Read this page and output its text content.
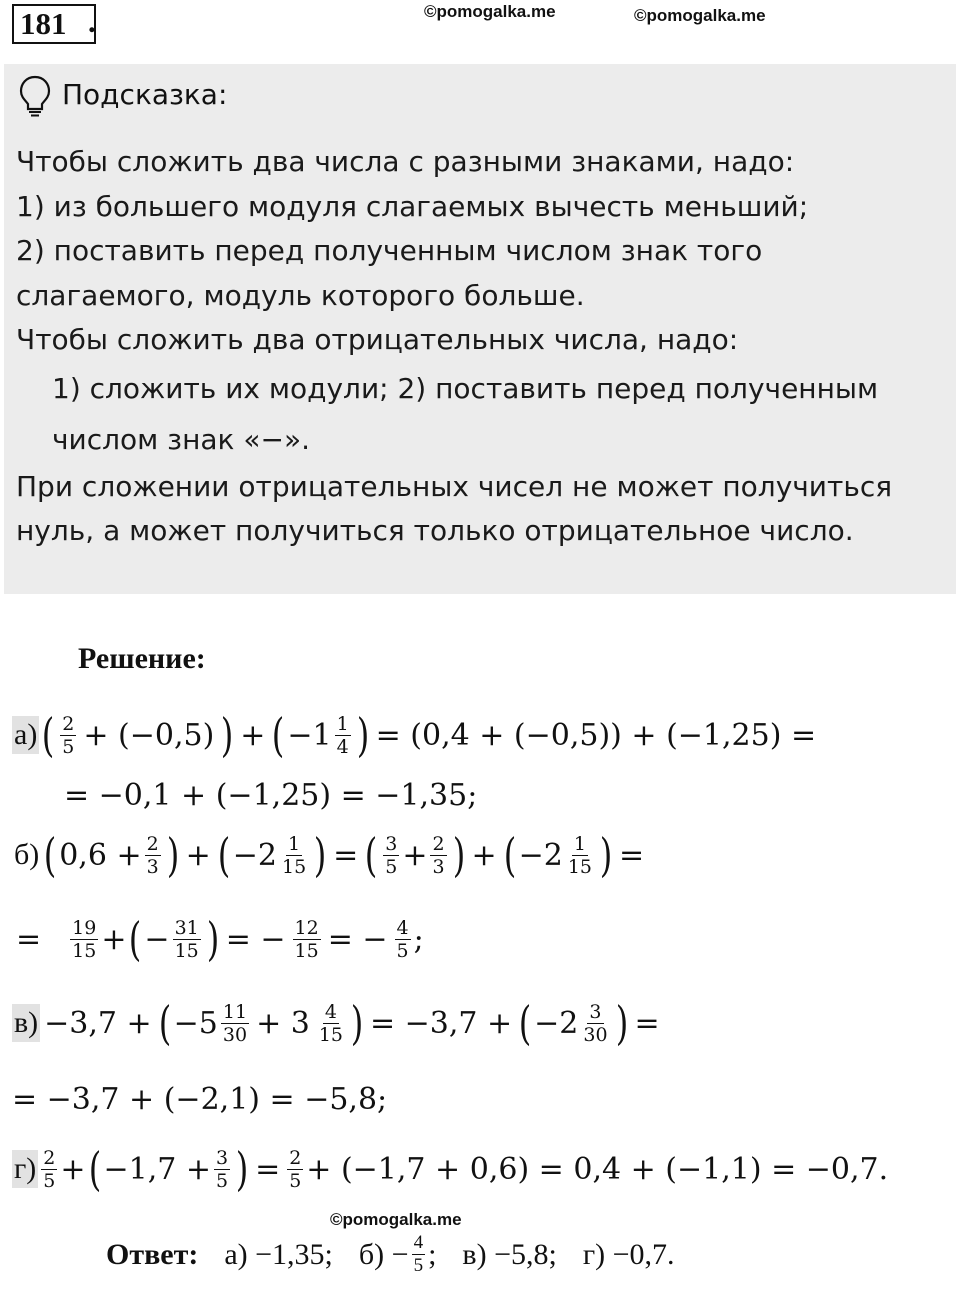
181 .	©pomogalka.me	©pomogalka.me
Подсказка:
Чтобы сложить два числа с разными знаками, надо:
1) из большего модуля слагаемых вычесть меньший;
2) поставить перед полученным числом знак того
слагаемого, модуль которого больше.
Чтобы сложить два отрицательных числа, надо:
1) сложить их модули; 2) поставить перед полученным
числом знак «−».
При сложении отрицательных чисел не может получиться
нуль, а может получиться только отрицательное число.
Решение:
а) ( $\frac{2}{5} + (-0,5)$ ) + ( $-1 \frac{1}{4}$ ) = (0,4 + (−0,5)) + (−1,25) =
= −0,1 + (−1,25) = −1,35;
б) ( $0,6 + \frac{2}{3}$ ) + ( $-2 \frac{1}{15}$ ) = ( $\frac{3}{5} + \frac{2}{3}$ ) + ( $-2 \frac{1}{15}$ ) =
= $\frac{19}{15}$ + ( − $\frac{31}{15}$ ) = − $\frac{12}{15}$ = − $\frac{4}{5}$ ;
в) −3,7 + ( $-5 \frac{11}{30} + 3 \frac{4}{15}$ ) = −3,7 + ( $-2 \frac{3}{30}$ ) =
= −3,7 + (−2,1) = −5,8;
$г) \frac{2}{5}$ + ( $-1,7 + \frac{3}{5}$ ) = $\frac{2}{5} + (-1,7 + 0,6) = 0,4 + (-1,1) = -0,7$.
©pomogalka.me
Ответ: а) −1,35; $б) - \frac{4}{5}$ ; в) −5,8; г) −0,7.
